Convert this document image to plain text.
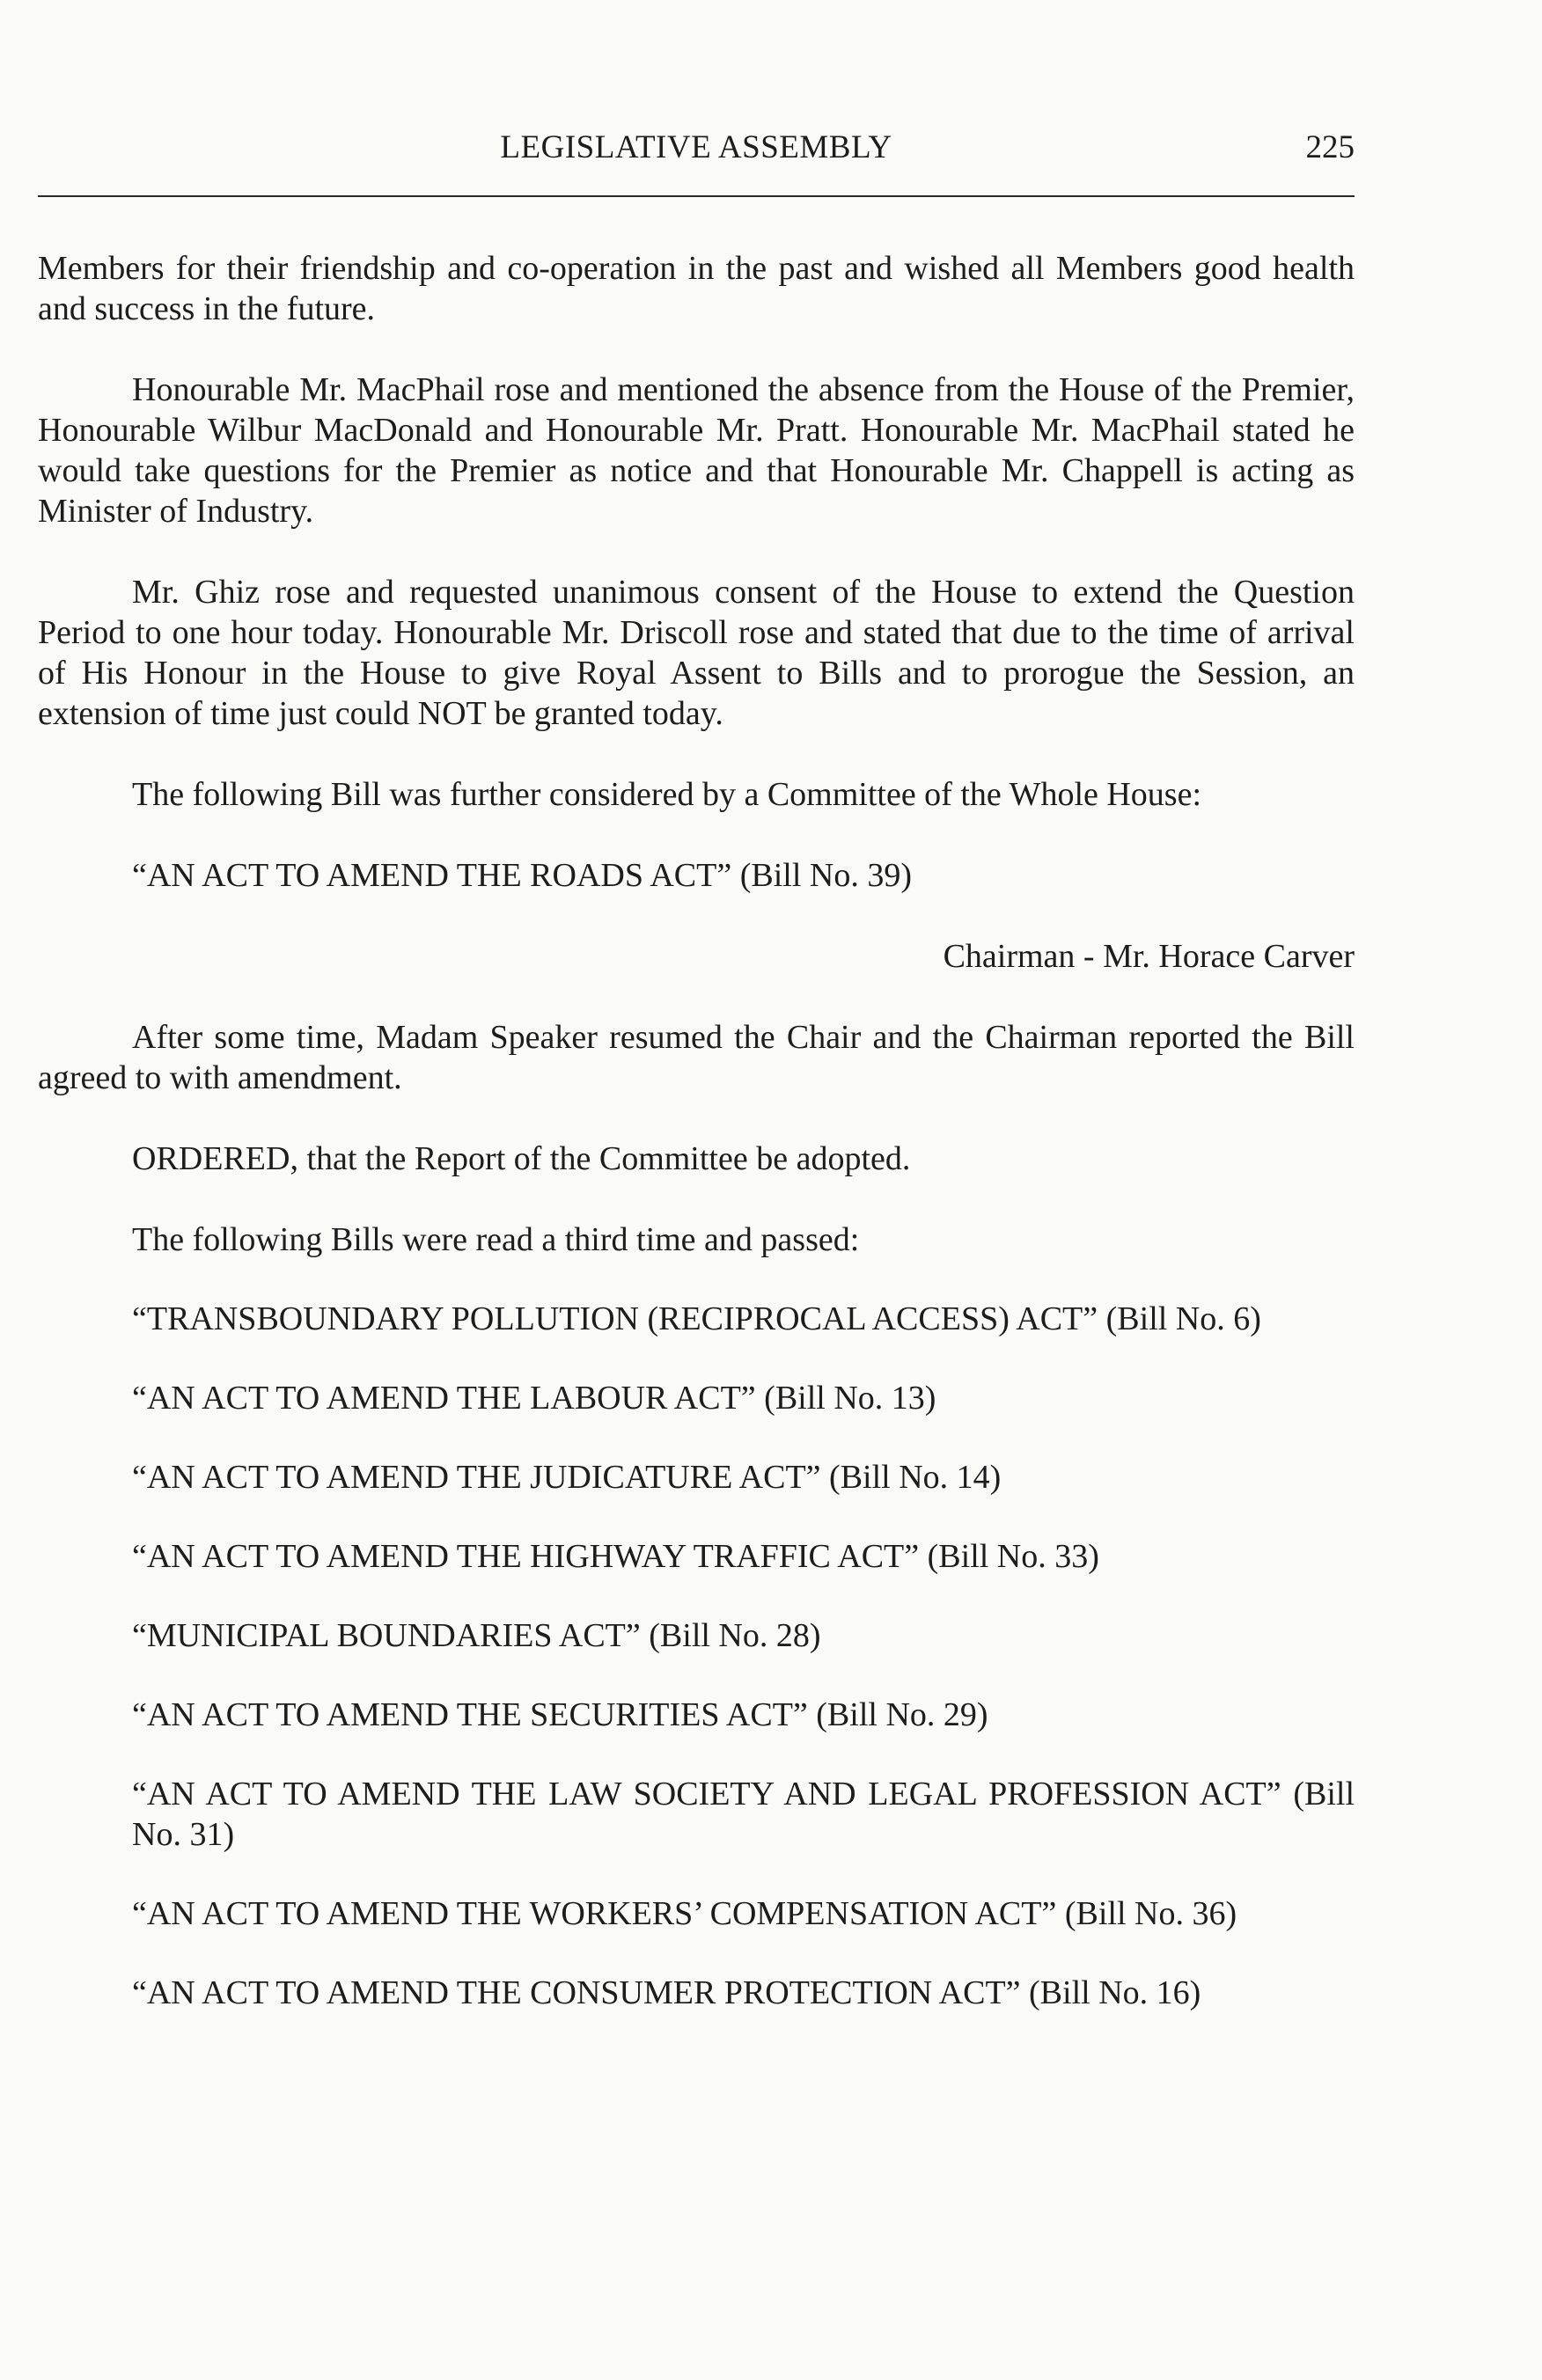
LEGISLATIVE ASSEMBLY	225

Members for their friendship and co-operation in the past and wished all Members good health and success in the future.

Honourable Mr. MacPhail rose and mentioned the absence from the House of the Premier, Honourable Wilbur MacDonald and Honourable Mr. Pratt. Honourable Mr. MacPhail stated he would take questions for the Premier as notice and that Honourable Mr. Chappell is acting as Minister of Industry.

Mr. Ghiz rose and requested unanimous consent of the House to extend the Question Period to one hour today. Honourable Mr. Driscoll rose and stated that due to the time of arrival of His Honour in the House to give Royal Assent to Bills and to prorogue the Session, an extension of time just could NOT be granted today.

The following Bill was further considered by a Committee of the Whole House:

“AN ACT TO AMEND THE ROADS ACT” (Bill No. 39)

Chairman - Mr. Horace Carver

After some time, Madam Speaker resumed the Chair and the Chairman reported the Bill agreed to with amendment.

ORDERED, that the Report of the Committee be adopted.

The following Bills were read a third time and passed:

“TRANSBOUNDARY POLLUTION (RECIPROCAL ACCESS) ACT” (Bill No. 6)

“AN ACT TO AMEND THE LABOUR ACT” (Bill No. 13)

“AN ACT TO AMEND THE JUDICATURE ACT” (Bill No. 14)

“AN ACT TO AMEND THE HIGHWAY TRAFFIC ACT” (Bill No. 33)

“MUNICIPAL BOUNDARIES ACT” (Bill No. 28)

“AN ACT TO AMEND THE SECURITIES ACT” (Bill No. 29)

“AN ACT TO AMEND THE LAW SOCIETY AND LEGAL PROFESSION ACT” (Bill No. 31)

“AN ACT TO AMEND THE WORKERS’ COMPENSATION ACT” (Bill No. 36)

“AN ACT TO AMEND THE CONSUMER PROTECTION ACT” (Bill No. 16)
